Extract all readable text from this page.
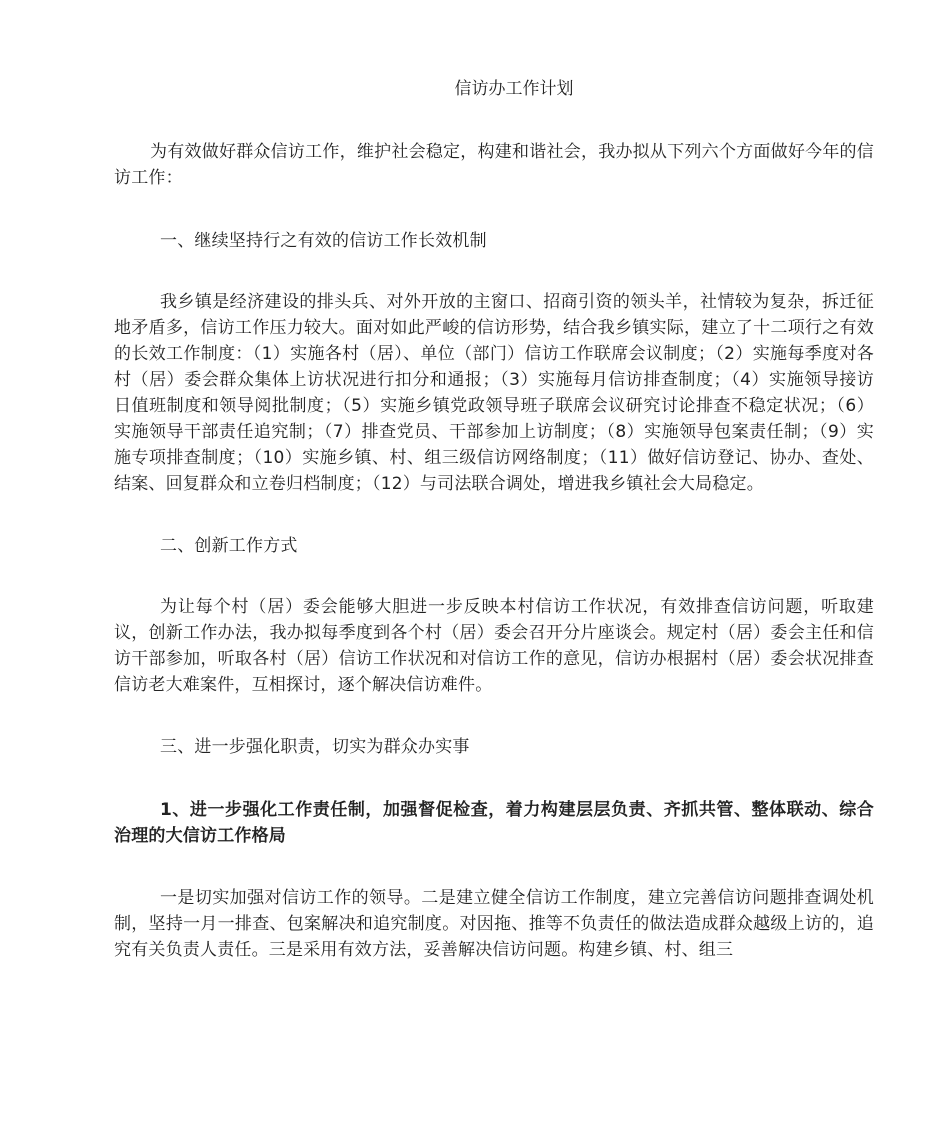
信访办工作计划

为有效做好群众信访工作，维护社会稳定，构建和谐社会，我办拟从下列六个方面做好今年的信访工作：

一、继续坚持行之有效的信访工作长效机制

我乡镇是经济建设的排头兵、对外开放的主窗口、招商引资的领头羊，社情较为复杂，拆迁征地矛盾多，信访工作压力较大。面对如此严峻的信访形势，结合我乡镇实际，建立了十二项行之有效的长效工作制度：（1）实施各村（居）、单位（部门）信访工作联席会议制度；（2）实施每季度对各村（居）委会群众集体上访状况进行扣分和通报；（3）实施每月信访排查制度；（4）实施领导接访日值班制度和领导阅批制度；（5）实施乡镇党政领导班子联席会议研究讨论排查不稳定状况；（6）实施领导干部责任追究制；（7）排查党员、干部参加上访制度；（8）实施领导包案责任制；（9）实施专项排查制度；（10）实施乡镇、村、组三级信访网络制度；（11）做好信访登记、协办、查处、结案、回复群众和立卷归档制度；（12）与司法联合调处，增进我乡镇社会大局稳定。

二、创新工作方式

为让每个村（居）委会能够大胆进一步反映本村信访工作状况，有效排查信访问题，听取建议，创新工作办法，我办拟每季度到各个村（居）委会召开分片座谈会。规定村（居）委会主任和信访干部参加，听取各村（居）信访工作状况和对信访工作的意见，信访办根据村（居）委会状况排查信访老大难案件，互相探讨，逐个解决信访难件。

三、进一步强化职责，切实为群众办实事

1、进一步强化工作责任制，加强督促检查，着力构建层层负责、齐抓共管、整体联动、综合治理的大信访工作格局

一是切实加强对信访工作的领导。二是建立健全信访工作制度，建立完善信访问题排查调处机制，坚持一月一排查、包案解决和追究制度。对因拖、推等不负责任的做法造成群众越级上访的，追究有关负责人责任。三是采用有效方法，妥善解决信访问题。构建乡镇、村、组三
